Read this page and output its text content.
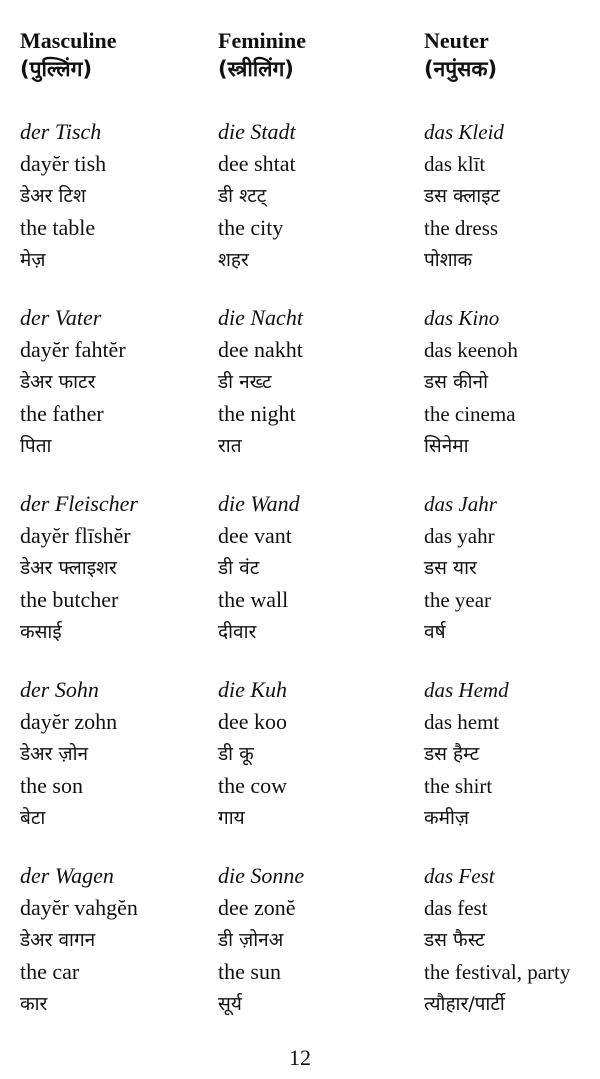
Masculine
(पुल्लिंग)
der Tisch
dayĕr tish
डेअर टिश
the table
मेज़
der Vater
dayĕr fahtĕr
डेअर फाटर
the father
पिता
der Fleischer
dayĕr flīshĕr
डेअर फ्लाइशर
the butcher
कसाई
der Sohn
dayĕr zohn
डेअर ज़ोन
the son
बेटा
der Wagen
dayĕr vahgĕn
डेअर वागन
the car
कार
Feminine
(स्त्रीलिंग)
die Stadt
dee shtat
डी श्टट्
the city
शहर
die Nacht
dee nakht
डी नख्ट
the night
रात
die Wand
dee vant
डी वंट
the wall
दीवार
die Kuh
dee koo
डी कू
the cow
गाय
die Sonne
dee zonĕ
डी ज़ोनअ
the sun
सूर्य
Neuter
(नपुंसक)
das Kleid
das klīt
डस क्लाइट
the dress
पोशाक
das Kino
das keenoh
डस कीनो
the cinema
सिनेमा
das Jahr
das yahr
डस यार
the year
वर्ष
das Hemd
das hemt
डस हैम्ट
the shirt
कमीज़
das Fest
das fest
डस फैस्ट
the festival, party
त्यौहार/पार्टी
12
